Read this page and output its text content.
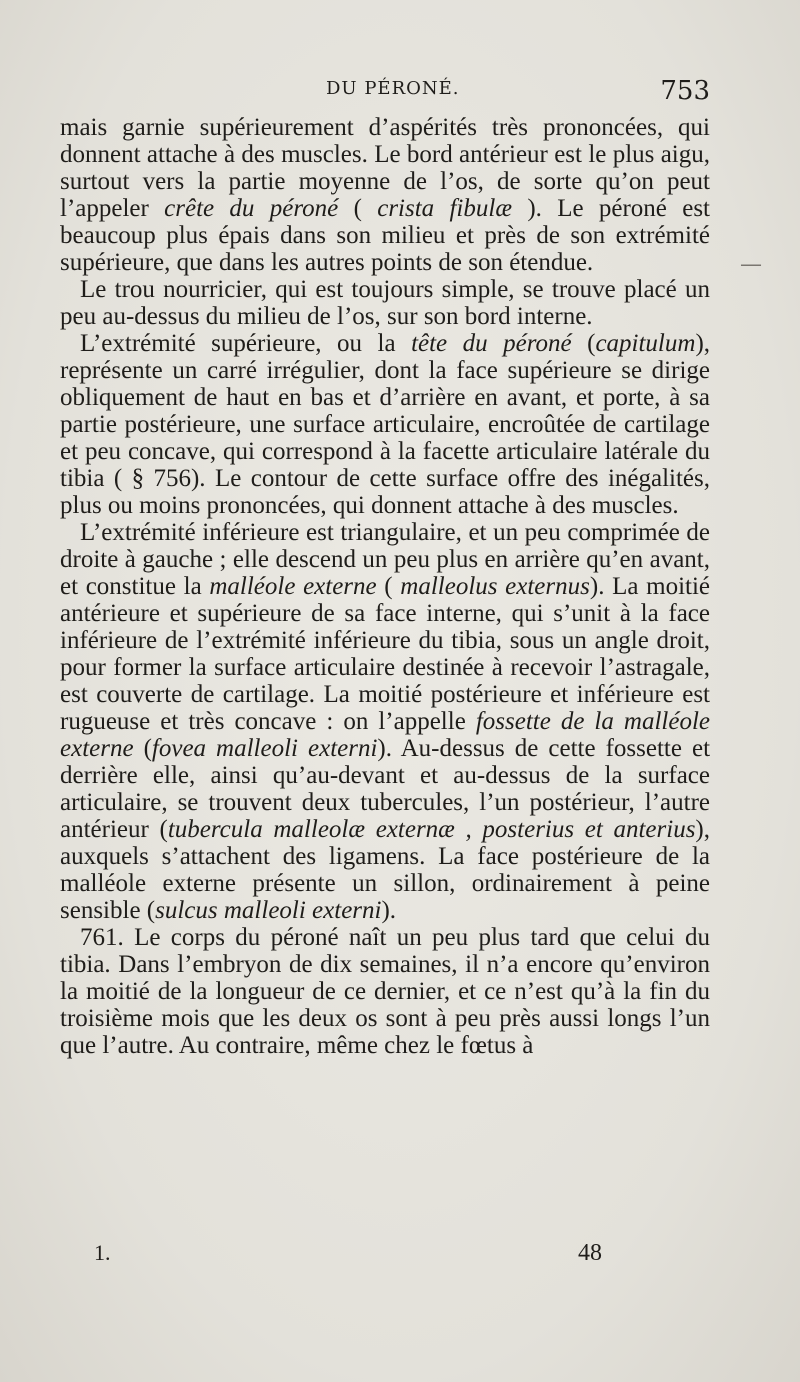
DU PÉRONÉ.	753

mais garnie supérieurement d’aspérités très prononcées, qui donnent attache à des muscles. Le bord antérieur est le plus aigu, surtout vers la partie moyenne de l’os, de sorte qu’on peut l’appeler crête du péroné ( crista fibulæ ). Le péroné est beaucoup plus épais dans son milieu et près de son extrémité supérieure, que dans les autres points de son étendue.

Le trou nourricier, qui est toujours simple, se trouve placé un peu au-dessus du milieu de l’os, sur son bord interne.

L’extrémité supérieure, ou la tête du péroné (capitulum), représente un carré irrégulier, dont la face supérieure se dirige obliquement de haut en bas et d’arrière en avant, et porte, à sa partie postérieure, une surface articulaire, encroûtée de cartilage et peu concave, qui correspond à la facette articulaire latérale du tibia ( § 756). Le contour de cette surface offre des inégalités, plus ou moins prononcées, qui donnent attache à des muscles.

L’extrémité inférieure est triangulaire, et un peu comprimée de droite à gauche ; elle descend un peu plus en arrière qu’en avant, et constitue la malléole externe ( malleolus externus). La moitié antérieure et supérieure de sa face interne, qui s’unit à la face inférieure de l’extrémité inférieure du tibia, sous un angle droit, pour former la surface articulaire destinée à recevoir l’astragale, est couverte de cartilage. La moitié postérieure et inférieure est rugueuse et très concave : on l’appelle fossette de la malléole externe (fovea malleoli externi). Au-dessus de cette fossette et derrière elle, ainsi qu’au-devant et au-dessus de la surface articulaire, se trouvent deux tubercules, l’un postérieur, l’autre antérieur (tubercula malleolæ externæ , posterius et anterius), auxquels s’attachent des ligamens. La face postérieure de la malléole externe présente un sillon, ordinairement à peine sensible (sulcus malleoli externi).

761. Le corps du péroné naît un peu plus tard que celui du tibia. Dans l’embryon de dix semaines, il n’a encore qu’environ la moitié de la longueur de ce dernier, et ce n’est qu’à la fin du troisième mois que les deux os sont à peu près aussi longs l’un que l’autre. Au contraire, même chez le fœtus à

1.	48
—
